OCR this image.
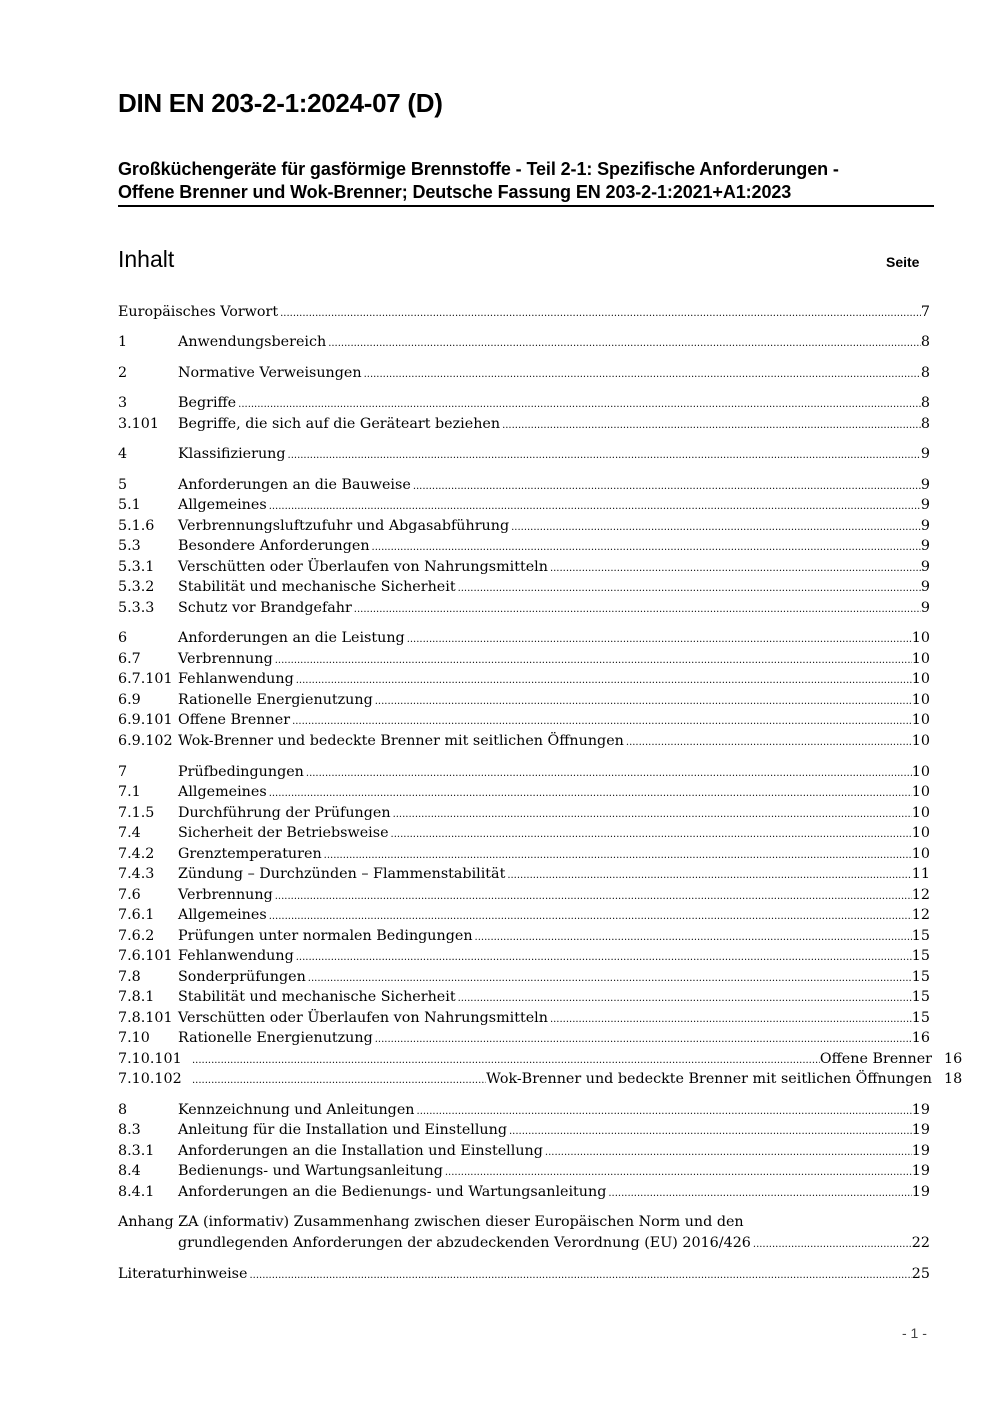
DIN EN 203-2-1:2024-07 (D)
Großküchengeräte für gasförmige Brennstoffe - Teil 2-1: Spezifische Anforderungen -
Offene Brenner und Wok-Brenner; Deutsche Fassung EN 203-2-1:2021+A1:2023
Inhalt	Seite
Europäisches Vorwort .....	7
1	Anwendungsbereich .....	8
2	Normative Verweisungen .....	8
3	Begriffe .....	8
3.101 Begriffe, die sich auf die Geräteart beziehen .....	8
4	Klassifizierung .....	9
5	Anforderungen an die Bauweise .....	9
5.1	Allgemeines .....	9
5.1.6 Verbrennungsluftzufuhr und Abgasabführung .....	9
5.3	Besondere Anforderungen .....	9
5.3.1 Verschütten oder Überlaufen von Nahrungsmitteln .....	9
5.3.2 Stabilität und mechanische Sicherheit .....	9
5.3.3 Schutz vor Brandgefahr .....	9
6	Anforderungen an die Leistung .....	10
6.7	Verbrennung .....	10
6.7.101 Fehlanwendung .....	10
6.9	Rationelle Energienutzung .....	10
6.9.101 Offene Brenner .....	10
6.9.102 Wok-Brenner und bedeckte Brenner mit seitlichen Öffnungen .....	10
7	Prüfbedingungen .....	10
7.1	Allgemeines .....	10
7.1.5 Durchführung der Prüfungen .....	10
7.4	Sicherheit der Betriebsweise .....	10
7.4.2 Grenztemperaturen .....	10
7.4.3 Zündung – Durchzünden – Flammenstabilität .....	11
7.6	Verbrennung .....	12
7.6.1 Allgemeines .....	12
7.6.2 Prüfungen unter normalen Bedingungen .....	15
7.6.101 Fehlanwendung .....	15
7.8	Sonderprüfungen .....	15
7.8.1 Stabilität und mechanische Sicherheit .....	15
7.8.101 Verschütten oder Überlaufen von Nahrungsmitteln .....	15
7.10 Rationelle Energienutzung .....	16
7.10.101 .....	Offene Brenner 16
7.10.102 .....	Wok-Brenner und bedeckte Brenner mit seitlichen Öffnungen 18
8	Kennzeichnung und Anleitungen .....	19
8.3	Anleitung für die Installation und Einstellung .....	19
8.3.1 Anforderungen an die Installation und Einstellung .....	19
8.4	Bedienungs- und Wartungsanleitung .....	19
8.4.1 Anforderungen an die Bedienungs- und Wartungsanleitung .....	19
Anhang ZA (informativ) Zusammenhang zwischen dieser Europäischen Norm und den
grundlegenden Anforderungen der abzudeckenden Verordnung (EU) 2016/426 .....	22
Literaturhinweise .....	25
- 1 -
